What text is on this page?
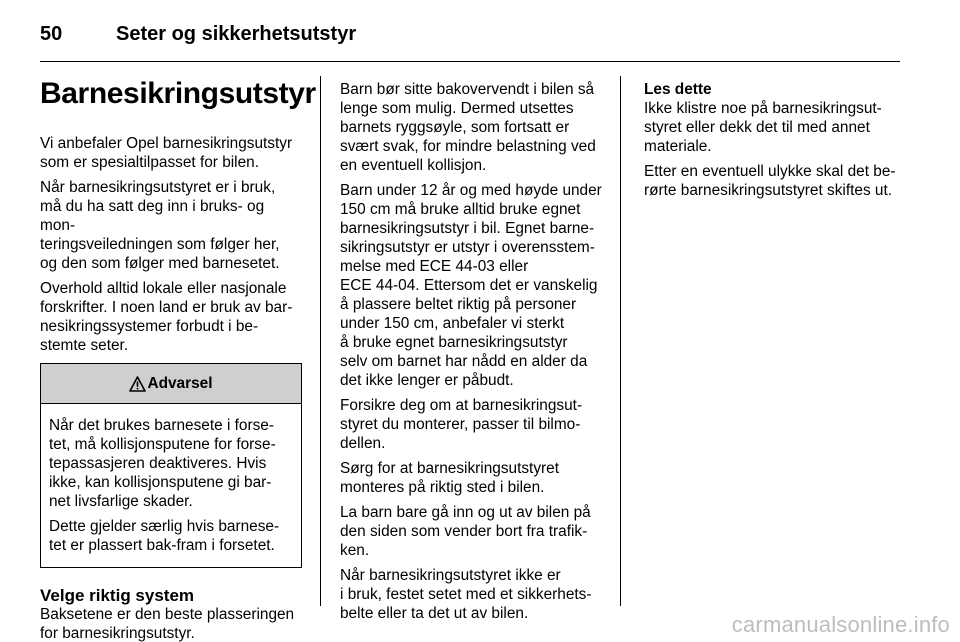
50	Seter og sikkerhetsutstyr
Barnesikringsutstyr

Vi anbefaler Opel barnesikringsutstyr
som er spesialtilpasset for bilen.

Når barnesikringsutstyret er i bruk,
må du ha satt deg inn i bruks- og mon-
teringsveiledningen som følger her,
og den som følger med barnesetet.

Overhold alltid lokale eller nasjonale
forskrifter. I noen land er bruk av bar-
nesikringssystemer forbudt i be-
stemte seter.

Advarsel

Når det brukes barnesete i forse-
tet, må kollisjonsputene for forse-
tepassasjeren deaktiveres. Hvis
ikke, kan kollisjonsputene gi bar-
net livsfarlige skader.

Dette gjelder særlig hvis barnese-
tet er plassert bak-fram i forsetet.

Velge riktig system

Baksetene er den beste plasseringen
for barnesikringsutstyr.

Barn bør sitte bakovervendt i bilen så
lenge som mulig. Dermed utsettes
barnets ryggsøyle, som fortsatt er
svært svak, for mindre belastning ved
en eventuell kollisjon.

Barn under 12 år og med høyde under
150 cm må bruke alltid bruke egnet
barnesikringsutstyr i bil. Egnet barne-
sikringsutstyr er utstyr i overensstem-
melse med ECE 44-03 eller
ECE 44-04. Ettersom det er vanskelig
å plassere beltet riktig på personer
under 150 cm, anbefaler vi sterkt
å bruke egnet barnesikringsutstyr
selv om barnet har nådd en alder da
det ikke lenger er påbudt.

Forsikre deg om at barnesikringsut-
styret du monterer, passer til bilmo-
dellen.

Sørg for at barnesikringsutstyret
monteres på riktig sted i bilen.

La barn bare gå inn og ut av bilen på
den siden som vender bort fra trafik-
ken.

Når barnesikringsutstyret ikke er
i bruk, festet setet med et sikkerhets-
belte eller ta det ut av bilen.

Les dette

Ikke klistre noe på barnesikringsut-
styret eller dekk det til med annet
materiale.

Etter en eventuell ulykke skal det be-
rørte barnesikringsutstyret skiftes ut.

carmanualsonline.info
